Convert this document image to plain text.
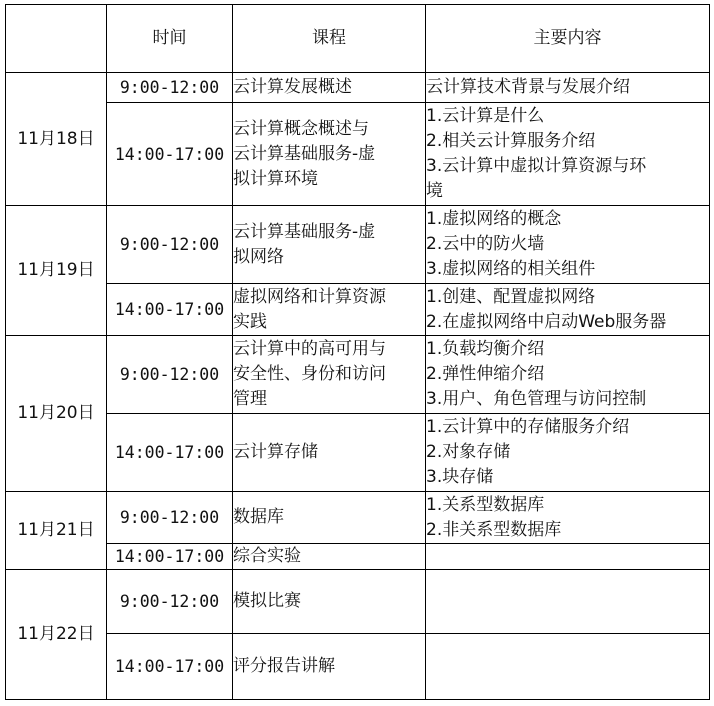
	时间	课程	主要内容
11月18日	9:00-12:00	云计算发展概述	云计算技术背景与发展介绍

	14:00-17:00	云计算概念概述与
云计算基础服务-虚
拟计算环境	1.云计算是什么
2.相关云计算服务介绍
3.云计算中虚拟计算资源与环
境

11月19日	9:00-12:00	云计算基础服务-虚
拟网络	1.虚拟网络的概念
2.云中的防火墙
3.虚拟网络的相关组件

	14:00-17:00	虚拟网络和计算资源
实践	1.创建、配置虚拟网络
2.在虚拟网络中启动Web服务器

11月20日	9:00-12:00	云计算中的高可用与
安全性、身份和访问
管理	1.负载均衡介绍
2.弹性伸缩介绍
3.用户、角色管理与访问控制

	14:00-17:00	云计算存储	1.云计算中的存储服务介绍
2.对象存储
3.块存储

11月21日	9:00-12:00	数据库	1.关系型数据库
2.非关系型数据库

	14:00-17:00	综合实验	

11月22日	9:00-12:00	模拟比赛	

	14:00-17:00	评分报告讲解	
